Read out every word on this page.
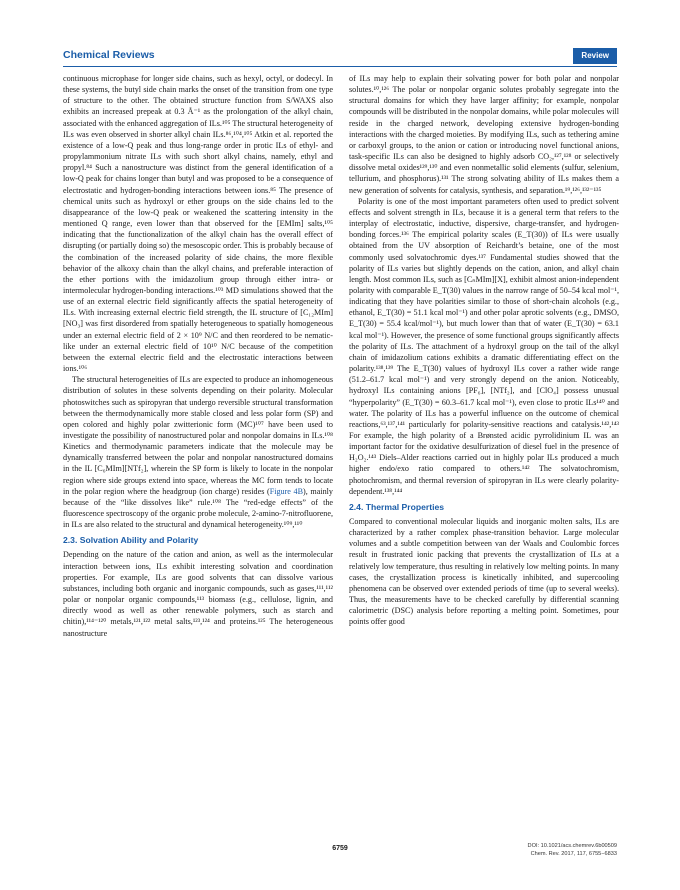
Chemical Reviews	Review

continuous microphase for longer side chains, such as hexyl, octyl, or dodecyl. In these systems, the butyl side chain marks the onset of the transition from one type of structure to the other. The obtained structure function from S/WAXS also exhibits an increased prepeak at 0.3 Å⁻¹ as the prolongation of the alkyl chain, associated with the enhanced aggregation of ILs.¹⁰⁵ The structural heterogeneity of ILs was even observed in shorter alkyl chain ILs.⁸⁶,¹⁰⁴,¹⁰⁵ Atkin et al. reported the existence of a low-Q peak and thus long-range order in protic ILs of ethyl- and propylammonium nitrate ILs with such short alkyl chains, namely, ethyl and propyl.⁸⁴ Such a nanostructure was distinct from the general identification of a low-Q peak for chains longer than butyl and was proposed to be a consequence of electrostatic and hydrogen-bonding interactions between ions.⁸⁵ The presence of chemical units such as hydroxyl or ether groups on the side chains led to the disappearance of the low-Q peak or weakened the scattering intensity in the mentioned Q range, even lower than that observed for the [EMIm] salts,¹⁰⁵ indicating that the functionalization of the alkyl chain has the overall effect of disrupting (or partially doing so) the mesoscopic order. This is probably because of the combination of the increased polarity of side chains, the more flexible behavior of the alkoxy chain than the alkyl chains, and preferable interaction of the ether portions with the imidazolium group through either intra- or intermolecular hydrogen-bonding interactions.¹⁰³ MD simulations showed that the use of an external electric field significantly affects the spatial heterogeneity of ILs. With increasing external electric field strength, the IL structure of [C₁₂MIm][NO₃] was first disordered from spatially heterogeneous to spatially homogeneous under an external electric field of 2 × 10⁹ N/C and then reordered to be nematic-like under an external electric field of 10¹⁰ N/C because of the competition between the external electric field and the electrostatic interactions between ions.¹⁰⁶

The structural heterogeneities of ILs are expected to produce an inhomogeneous distribution of solutes in these solvents depending on their polarity. Molecular photoswitches such as spiropyran that undergo reversible structural transformation between the thermodynamically more stable closed and less polar form (SP) and open colored and highly polar zwitterionic form (MC)¹⁰⁷ have been used to investigate the possibility of nanostructured polar and nonpolar domains in ILs.¹⁰⁸ Kinetics and thermodynamic parameters indicate that the molecule may be dynamically transferred between the polar and nonpolar nanostructured domains in the IL [C₆MIm][NTf₂], wherein the SP form is likely to locate in the nonpolar region where side groups extend into space, whereas the MC form tends to locate in the polar region where the headgroup (ion charge) resides (Figure 4B), mainly because of the “like dissolves like” rule.¹⁰⁸ The “red-edge effects” of the fluorescence spectroscopy of the organic probe molecule, 2-amino-7-nitrofluorene, in ILs are also related to the structural and dynamical heterogeneity.¹⁰⁹,¹¹⁰

2.3. Solvation Ability and Polarity

Depending on the nature of the cation and anion, as well as the intermolecular interaction between ions, ILs exhibit interesting solvation and coordination properties. For example, ILs are good solvents that can dissolve various substances, including both organic and inorganic compounds, such as gases,¹¹¹,¹¹² polar or nonpolar organic compounds,¹¹³ biomass (e.g., cellulose, lignin, and directly wood as well as other renewable polymers, such as starch and chitin),¹¹⁴⁻¹²⁰ metals,¹²¹,¹²² metal salts,¹²³,¹²⁴ and proteins.¹²⁵ The heterogeneous nanostructure

of ILs may help to explain their solvating power for both polar and nonpolar solutes.¹⁰,¹²⁶ The polar or nonpolar organic solutes probably segregate into the structural domains for which they have larger affinity; for example, nonpolar compounds will be distributed in the nonpolar domains, while polar molecules will reside in the charged network, developing extensive hydrogen-bonding interactions with the charged moieties. By modifying ILs, such as tethering amine or carboxyl groups, to the anion or cation or introducing novel functional anions, task-specific ILs can also be designed to highly adsorb CO₂,¹²⁷,¹²⁸ or selectively dissolve metal oxides¹²⁹,¹³⁰ and even nonmetallic solid elements (sulfur, selenium, tellurium, and phosphorus).¹³¹ The strong solvating ability of ILs makes them a new generation of solvents for catalysis, synthesis, and separation.¹⁹,¹²⁶,¹³²⁻¹³⁵

Polarity is one of the most important parameters often used to predict solvent effects and solvent strength in ILs, because it is a general term that refers to the interplay of electrostatic, inductive, dispersive, charge-transfer, and hydrogen-bonding forces.¹³⁶ The empirical polarity scales (E_T(30)) of ILs were usually obtained from the UV absorption of Reichardt’s betaine, one of the most commonly used solvatochromic dyes.¹³⁷ Fundamental studies showed that the polarity of ILs varies but slightly depends on the cation, anion, and alkyl chain length. Most common ILs, such as [CₙMIm][X], exhibit almost anion-independent polarity with comparable E_T(30) values in the narrow range of 50–54 kcal mol⁻¹, indicating that they have polarities similar to those of short-chain alcohols (e.g., ethanol, E_T(30) = 51.1 kcal mol⁻¹) and other polar aprotic solvents (e.g., DMSO, E_T(30) = 55.4 kcal/mol⁻¹), but much lower than that of water (E_T(30) = 63.1 kcal mol⁻¹). However, the presence of some functional groups significantly affects the polarity of ILs. The attachment of a hydroxyl group on the tail of the alkyl chain of imidazolium cations exhibits a dramatic differentiating effect on the polarity.¹³⁸,¹³⁹ The E_T(30) values of hydroxyl ILs cover a rather wide range (51.2–61.7 kcal mol⁻¹) and very strongly depend on the anion. Noticeably, hydroxyl ILs containing anions [PF₆], [NTf₂], and [ClO₄] possess unusual “hyperpolarity” (E_T(30) = 60.3–61.7 kcal mol⁻¹), even close to protic ILs¹⁴⁰ and water. The polarity of ILs has a powerful influence on the outcome of chemical reactions,⁶³,¹³⁷,¹⁴¹ particularly for polarity-sensitive reactions and catalysis.¹⁴²,¹⁴³ For example, the high polarity of a Brønsted acidic pyrrolidinium IL was an important factor for the oxidative desulfurization of diesel fuel in the presence of H₂O₂.¹⁴³ Diels–Alder reactions carried out in highly polar ILs produced a much higher endo/exo ratio compared to others.¹⁴² The solvatochromism, photochromism, and thermal reversion of spiropyran in ILs were clearly polarity-dependent.¹³⁸,¹⁴⁴

2.4. Thermal Properties

Compared to conventional molecular liquids and inorganic molten salts, ILs are characterized by a rather complex phase-transition behavior. Large molecular volumes and a subtle competition between van der Waals and Coulombic forces result in frustrated ionic packing that prevents the crystallization of ILs at a relatively low temperature, thus resulting in relatively low melting points. In many cases, the crystallization process is kinetically inhibited, and supercooling phenomena can be observed over extended periods of time (up to several weeks). Thus, the measurements have to be checked carefully by differential scanning calorimetric (DSC) analysis before reporting a melting point. Sometimes, pour points offer good

6759	DOI: 10.1021/acs.chemrev.6b00509
Chem. Rev. 2017, 117, 6755−6833
